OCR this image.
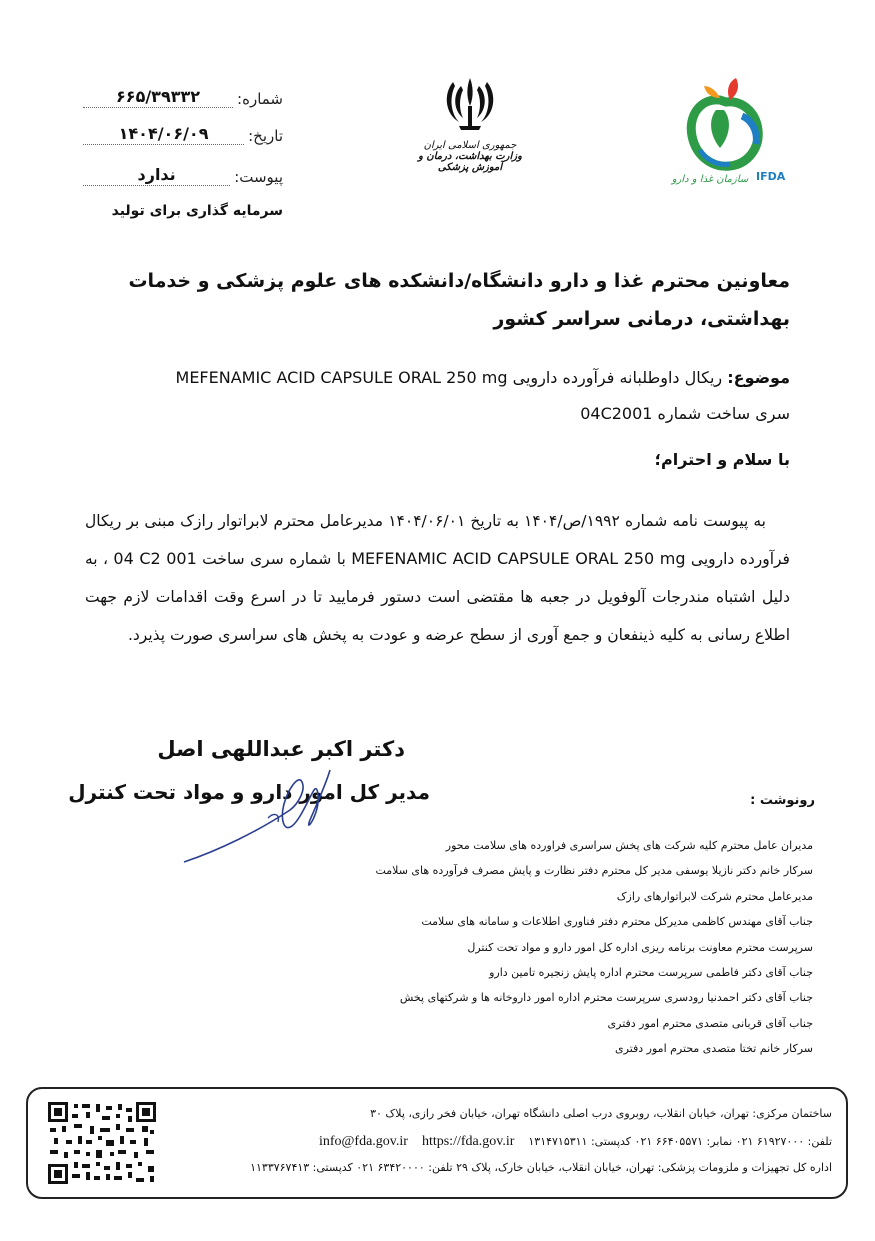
شماره:
۶۶۵/۳۹۳۳۲
تاریخ:
۱۴۰۴/۰۶/۰۹
پیوست:
ندارد
سرمایه گذاری برای تولید
جمهوری اسلامی ایران
وزارت بهداشت، درمان و آموزش پزشکی
سازمان غذا و دارو IFDA
معاونین محترم غذا و دارو دانشگاه/دانشکده های علوم پزشکی و خدمات بهداشتی، درمانی سراسر کشور
موضوع: ریکال داوطلبانه فرآورده دارویی MEFENAMIC ACID CAPSULE ORAL 250 mg
سری ساخت شماره 04C2001
با سلام و احترام؛
به پیوست نامه شماره ۱۹۹۲/ص/۱۴۰۴ به تاریخ ۱۴۰۴/۰۶/۰۱ مدیرعامل محترم لابراتوار رازک مبنی بر ریکال فرآورده دارویی MEFENAMIC ACID CAPSULE ORAL 250 mg با شماره سری ساخت 04 C2 001 ، به دلیل اشتباه مندرجات آلوفویل در جعبه ها مقتضی است دستور فرمایید تا در اسرع وقت اقدامات لازم جهت اطلاع رسانی به کلیه ذینفعان و جمع آوری از سطح عرضه و عودت به پخش های سراسری صورت پذیرد.
دکتر اکبر عبداللهی اصل
مدیر کل امور دارو و مواد تحت کنترل	رونوشت :
مدیران عامل محترم کلیه شرکت های پخش سراسری فراورده های سلامت محور
سرکار خانم دکتر نازیلا یوسفی مدیر کل محترم دفتر نظارت و پایش مصرف فرآورده های سلامت
مدیرعامل محترم شرکت لابراتوارهای رازک
جناب آقای مهندس کاظمی مدیرکل محترم دفتر فناوری اطلاعات و سامانه های سلامت
سرپرست محترم معاونت برنامه ریزی اداره کل امور دارو و مواد تحت کنترل
جناب آقای دکتر فاطمی سرپرست محترم اداره پایش زنجیره تامین دارو
جناب آقای دکتر احمدنیا رودسری سرپرست محترم اداره امور داروخانه ها و شرکتهای پخش
جناب آقای قربانی متصدی محترم امور دفتری
سرکار خانم تختا متصدی محترم امور دفتری
ساختمان مرکزی: تهران، خیابان انقلاب، روبروی درب اصلی دانشگاه تهران، خیابان فخر رازی، پلاک ۳۰
تلفن: ۶۱۹۲۷۰۰۰ ۰۲۱ نمابر: ۶۶۴۰۵۵۷۱ ۰۲۱ کدپستی: ۱۳۱۴۷۱۵۳۱۱    info@fda.gov.ir https://fda.gov.ir
اداره کل تجهیزات و ملزومات پزشکی: تهران، خیابان انقلاب، خیابان خارک، پلاک ۲۹ تلفن: ۶۳۴۲۰۰۰۰ ۰۲۱ کدپستی: ۱۱۳۳۷۶۷۴۱۳
